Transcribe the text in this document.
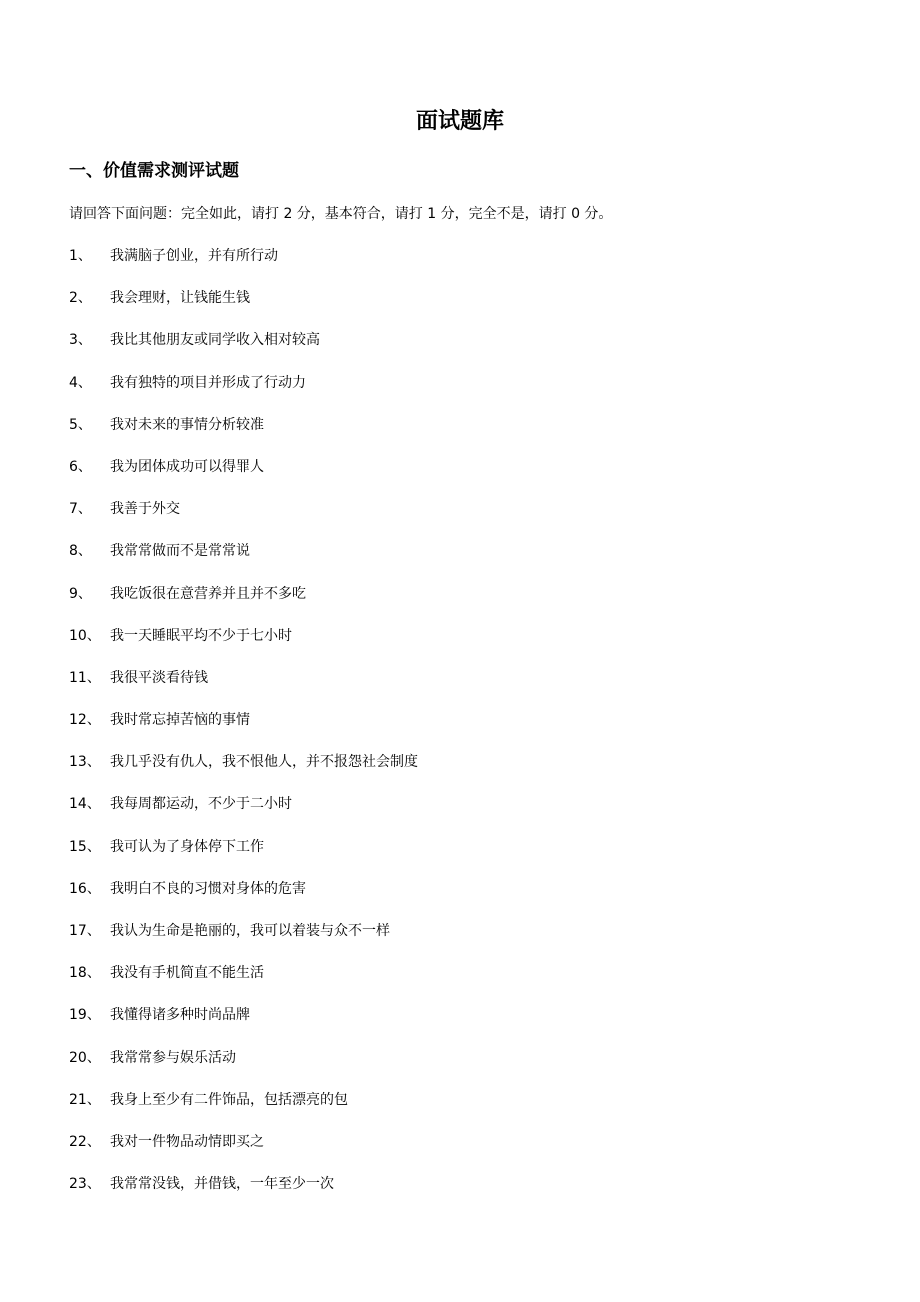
面试题库
一、价值需求测评试题
请回答下面问题：完全如此，请打 2 分，基本符合，请打 1 分，完全不是，请打 0 分。
1、 我满脑子创业，并有所行动
2、 我会理财，让钱能生钱
3、 我比其他朋友或同学收入相对较高
4、 我有独特的项目并形成了行动力
5、 我对未来的事情分析较准
6、 我为团体成功可以得罪人
7、 我善于外交
8、 我常常做而不是常常说
9、 我吃饭很在意营养并且并不多吃
10、 我一天睡眠平均不少于七小时
11、 我很平淡看待钱
12、 我时常忘掉苦恼的事情
13、 我几乎没有仇人，我不恨他人，并不报怨社会制度
14、 我每周都运动，不少于二小时
15、 我可认为了身体停下工作
16、 我明白不良的习惯对身体的危害
17、 我认为生命是艳丽的，我可以着装与众不一样
18、 我没有手机简直不能生活
19、 我懂得诸多种时尚品牌
20、 我常常参与娱乐活动
21、 我身上至少有二件饰品，包括漂亮的包
22、 我对一件物品动情即买之
23、 我常常没钱，并借钱，一年至少一次
